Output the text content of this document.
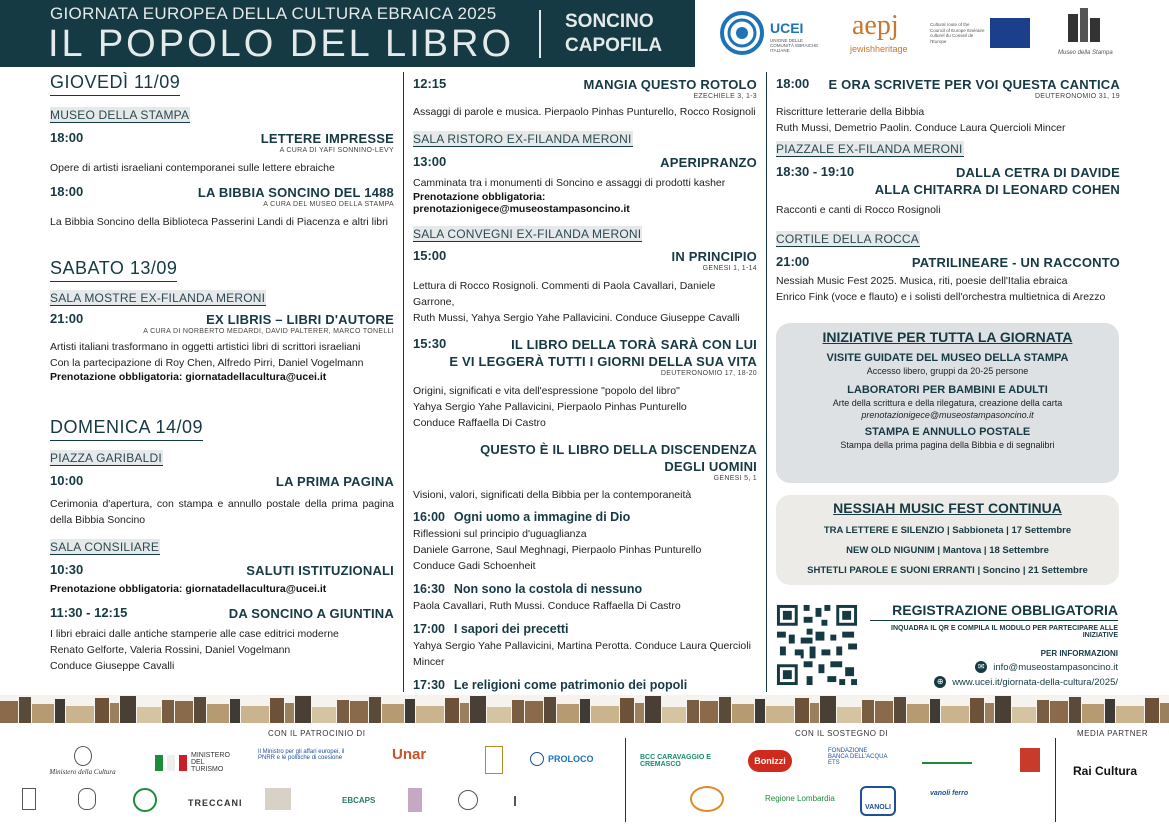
GIORNATA EUROPEA DELLA CULTURA EBRAICA 2025
IL POPOLO DEL LIBRO
SONCINO
CAPOFILA
UCEI
UNIONE DELLE COMUNITÀ EBRAICHE ITALIANE
aepj
jewishheritage
Cultural route of the Council of Europe Itinéraire culturel du Conseil de l'Europe
Museo della Stampa
GIOVEDÌ 11/09
MUSEO DELLA STAMPA
18:00	LETTERE IMPRESSE
A CURA DI YAFI SONNINO-LEVY
Opere di artisti israeliani contemporanei sulle lettere ebraiche
18:00	LA BIBBIA SONCINO DEL 1488
A CURA DEL MUSEO DELLA STAMPA
La Bibbia Soncino della Biblioteca Passerini Landi di Piacenza e altri libri
SABATO 13/09
SALA MOSTRE EX-FILANDA MERONI
21:00	EX LIBRIS – LIBRI D'AUTORE
A CURA DI NORBERTO MEDARDI, DAVID PALTERER, MARCO TONELLI
Artisti italiani trasformano in oggetti artistici libri di scrittori israeliani
Con la partecipazione di Roy Chen, Alfredo Pirri, Daniel Vogelmann
Prenotazione obbligatoria: giornatadellacultura@ucei.it
DOMENICA 14/09
PIAZZA GARIBALDI
10:00	LA PRIMA PAGINA
Cerimonia d'apertura, con stampa e annullo postale della prima pagina della Bibbia Soncino
SALA CONSILIARE
10:30	SALUTI ISTITUZIONALI
Prenotazione obbligatoria: giornatadellacultura@ucei.it
11:30 - 12:15	DA SONCINO A GIUNTINA
I libri ebraici dalle antiche stamperie alle case editrici moderne
Renato Gelforte, Valeria Rossini, Daniel Vogelmann
Conduce Giuseppe Cavalli
12:15	MANGIA QUESTO ROTOLO
EZECHIELE 3, 1-3
Assaggi di parole e musica. Pierpaolo Pinhas Punturello, Rocco Rosignoli
SALA RISTORO EX-FILANDA MERONI
13:00	APERIPRANZO
Camminata tra i monumenti di Soncino e assaggi di prodotti kasher
Prenotazione obbligatoria: prenotazionigece@museostampasoncino.it
SALA CONVEGNI EX-FILANDA MERONI
15:00	IN PRINCIPIO
GENESI 1, 1-14
Lettura di Rocco Rosignoli. Commenti di Paola Cavallari, Daniele Garrone,
Ruth Mussi, Yahya Sergio Yahe Pallavicini. Conduce Giuseppe Cavalli
15:30	IL LIBRO DELLA TORÀ SARÀ CON LUI
E VI LEGGERÀ TUTTI I GIORNI DELLA SUA VITA
DEUTERONOMIO 17, 18-20
Origini, significati e vita dell'espressione "popolo del libro"
Yahya Sergio Yahe Pallavicini, Pierpaolo Pinhas Punturello
Conduce Raffaella Di Castro
QUESTO È IL LIBRO DELLA DISCENDENZA
DEGLI UOMINI
GENESI 5, 1
Visioni, valori, significati della Bibbia per la contemporaneità
16:00 Ogni uomo a immagine di Dio
Riflessioni sul principio d'uguaglianza
Daniele Garrone, Saul Meghnagi, Pierpaolo Pinhas Punturello
Conduce Gadi Schoenheit
16:30 Non sono la costola di nessuno
Paola Cavallari, Ruth Mussi. Conduce Raffaella Di Castro
17:00 I sapori dei precetti
Yahya Sergio Yahe Pallavicini, Martina Perotta. Conduce Laura Quercioli Mincer
17:30 Le religioni come patrimonio dei popoli
18:00 E ORA SCRIVETE PER VOI QUESTA CANTICA
DEUTERONOMIO 31, 19
Riscritture letterarie della Bibbia
Ruth Mussi, Demetrio Paolin. Conduce Laura Quercioli Mincer
PIAZZALE EX-FILANDA MERONI
18:30 - 19:10	DALLA CETRA DI DAVIDE
ALLA CHITARRA DI LEONARD COHEN
Racconti e canti di Rocco Rosignoli
CORTILE DELLA ROCCA
21:00	PATRILINEARE - UN RACCONTO
Nessiah Music Fest 2025. Musica, riti, poesie dell'Italia ebraica
Enrico Fink (voce e flauto) e i solisti dell'orchestra multietnica di Arezzo
INIZIATIVE PER TUTTA LA GIORNATA
VISITE GUIDATE DEL MUSEO DELLA STAMPA
Accesso libero, gruppi da 20-25 persone
LABORATORI PER BAMBINI E ADULTI
Arte della scrittura e della rilegatura, creazione della carta
prenotazionigece@museostampasoncino.it
STAMPA E ANNULLO POSTALE
Stampa della prima pagina della Bibbia e di segnalibri
NESSIAH MUSIC FEST CONTINUA
TRA LETTERE E SILENZIO | Sabbioneta | 17 Settembre
NEW OLD NIGUNIM | Mantova | 18 Settembre
SHTETLI PAROLE E SUONI ERRANTI | Soncino | 21 Settembre
REGISTRAZIONE OBBLIGATORIA
INQUADRA IL QR E COMPILA IL MODULO PER PARTECIPARE ALLE INIZIATIVE
PER INFORMAZIONI
✉ info@museostampasoncino.it
⊕ www.ucei.it/giornata-della-cultura/2025/
CON IL PATROCINIO DI	CON IL SOSTEGNO DI	MEDIA PARTNER
Ministero della Cultura
MINISTERO DEL TURISMO
Il Ministro per gli affari europei, il PNRR e le politiche di coesione	Unar	PROLOCO
TRECCANI	EBCAPS
BCC CARAVAGGIO E CREMASCO	Bonizzi
FONDAZIONE BANCA DELL'ACQUA ETS
Regione Lombardia
VANOLI
vanoli ferro
Rai Cultura
